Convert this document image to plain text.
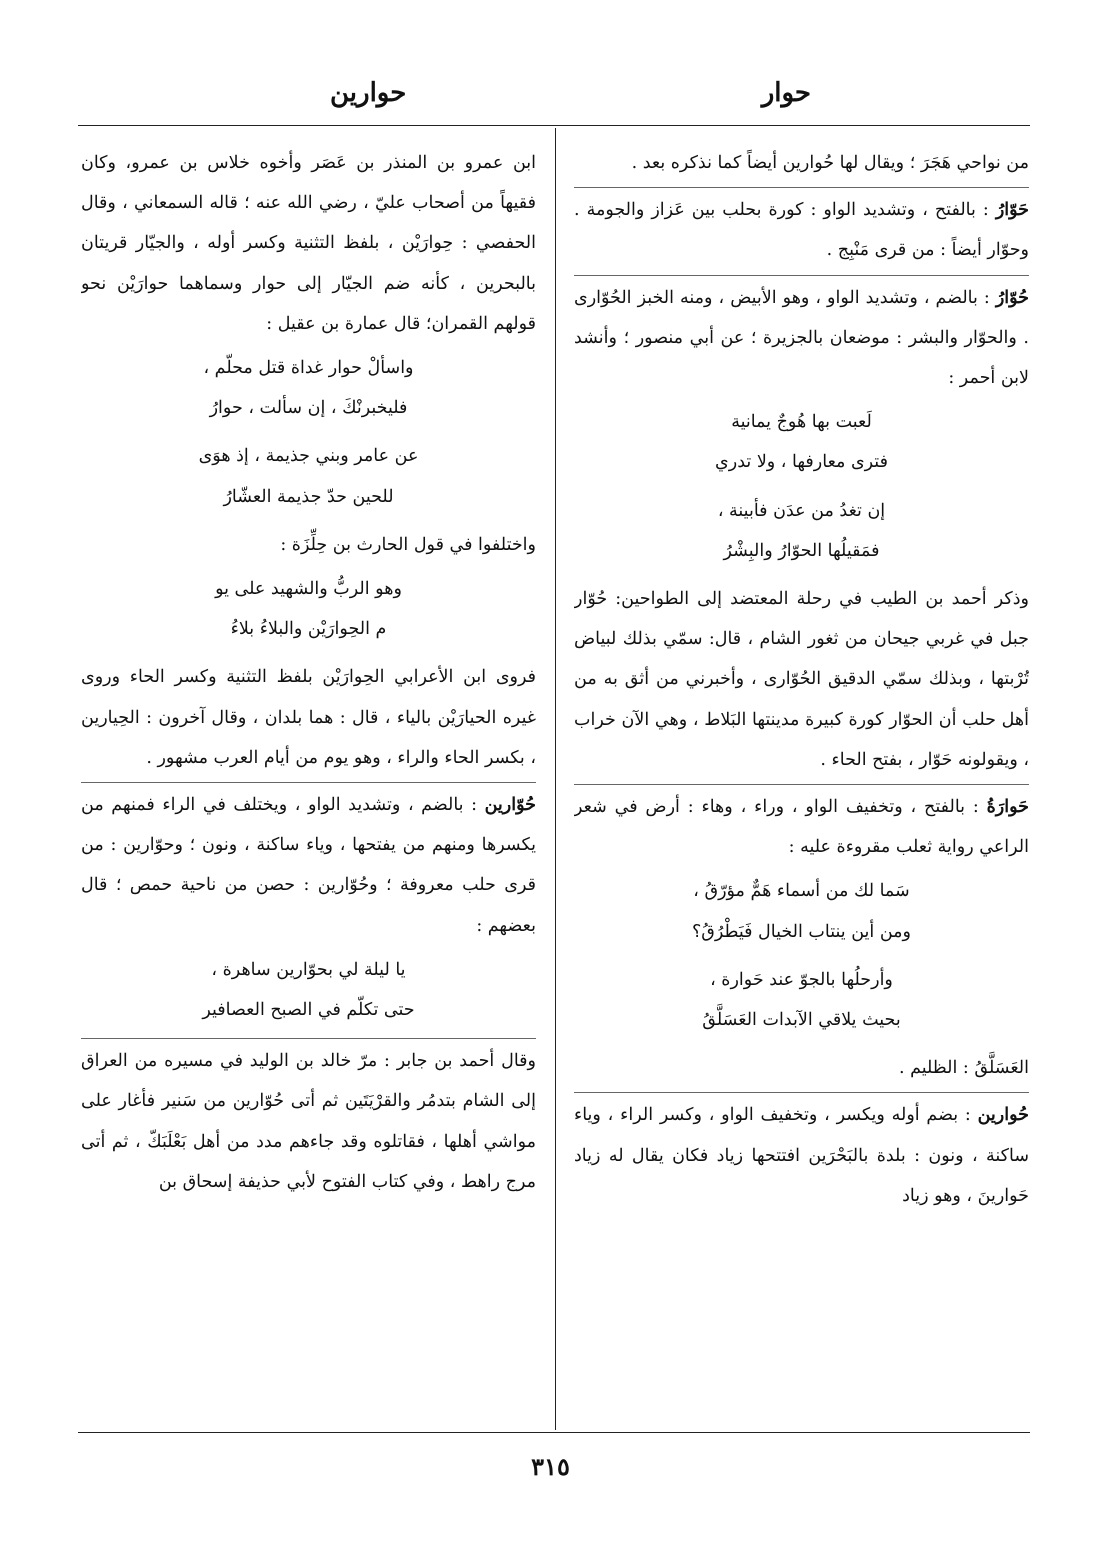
حوار
حوارين

من نواحي هَجَرَ ؛ ويقال لها حُوارين أيضاً كما نذكره بعد .

حَوّارُ : بالفتح ، وتشديد الواو : كورة بحلب بين عَزاز والجومة . وحوّار أيضاً : من قرى مَنْبِج .

حُوّارُ : بالضم ، وتشديد الواو ، وهو الأبيض ، ومنه الخبز الحُوّارى . والحوّار والبشر : موضعان بالجزيرة ؛ عن أبي منصور ؛ وأنشد لابن أحمر :

لَعبت بها هُوجٌ يمانية

فترى معارفها ، ولا تدري

إن تغدُ من عدَن فأبينة ،

فمَقيلُها الحوّارُ والبِشْرُ

وذكر أحمد بن الطيب في رحلة المعتضد إلى الطواحين: حُوّار جبل في غربي جيحان من ثغور الشام ، قال: سمّي بذلك لبياض تُرْبتها ، وبذلك سمّي الدقيق الحُوّارى ، وأخبرني من أثق به من أهل حلب أن الحوّار كورة كبيرة مدينتها البَلاط ، وهي الآن خراب ، ويقولونه حَوّار ، بفتح الحاء .

حَوارَةُ : بالفتح ، وتخفيف الواو ، وراء ، وهاء : أرض في شعر الراعي رواية ثعلب مقروءة عليه :

سَما لك من أسماء هَمٌّ مؤرّقُ ،

ومن أين ينتاب الخيال فَيَطْرُقُ؟

وأرحلُها بالجوّ عند حَوارة ،

بحيث يلاقي الآبدات العَسَلَّقُ

العَسَلَّقُ : الظليم .

حُوارين : بضم أوله ويكسر ، وتخفيف الواو ، وكسر الراء ، وياء ساكنة ، ونون : بلدة بالبَحْرَين افتتحها زياد فكان يقال له زياد حَوارينَ ، وهو زياد

ابن عمرو بن المنذر بن عَصَر وأخوه خلاس بن عمرو، وكان فقيهاً من أصحاب عليّ ، رضي الله عنه ؛ قاله السمعاني ، وقال الحفصي : حِوارَيْن ، بلفظ التثنية وكسر أوله ، والجيّار قريتان بالبحرين ، كأنه ضم الجيّار إلى حوار وسماهما حوارَيْن نحو قولهم القمران؛ قال عمارة بن عقيل :

واسألْ حوار غداة قتل محلّم ،

فليخبرنْكَ ، إن سألت ، حوارُ

عن عامر وبني جذيمة ، إذ هوَى

للحين حدّ جذيمة العشّارُ

واختلفوا في قول الحارث بن حِلِّزَة :

وهو الربُّ والشهيد على يو

م الحِوارَيْن والبلاءُ بلاءُ

فروى ابن الأعرابي الحِوارَيْن بلفظ التثنية وكسر الحاء وروى غيره الحيارَيْن بالياء ، قال : هما بلدان ، وقال آخرون : الحِيارين ، بكسر الحاء والراء ، وهو يوم من أيام العرب مشهور .

حُوّارين : بالضم ، وتشديد الواو ، ويختلف في الراء فمنهم من يكسرها ومنهم من يفتحها ، وياء ساكنة ، ونون ؛ وحوّارين : من قرى حلب معروفة ؛ وحُوّارين : حصن من ناحية حمص ؛ قال بعضهم :

يا ليلة لي بحوّارين ساهرة ،

حتى تكلّم في الصبح العصافير

وقال أحمد بن جابر : مرّ خالد بن الوليد في مسيره من العراق إلى الشام بتدمُر والقرْيَتَين ثم أتى حُوّارين من سَنير فأغار على مواشي أهلها ، فقاتلوه وقد جاءهم مدد من أهل بَعْلَبَكّ ، ثم أتى مرج راهط ، وفي كتاب الفتوح لأبي حذيفة إسحاق بن

٣١٥
